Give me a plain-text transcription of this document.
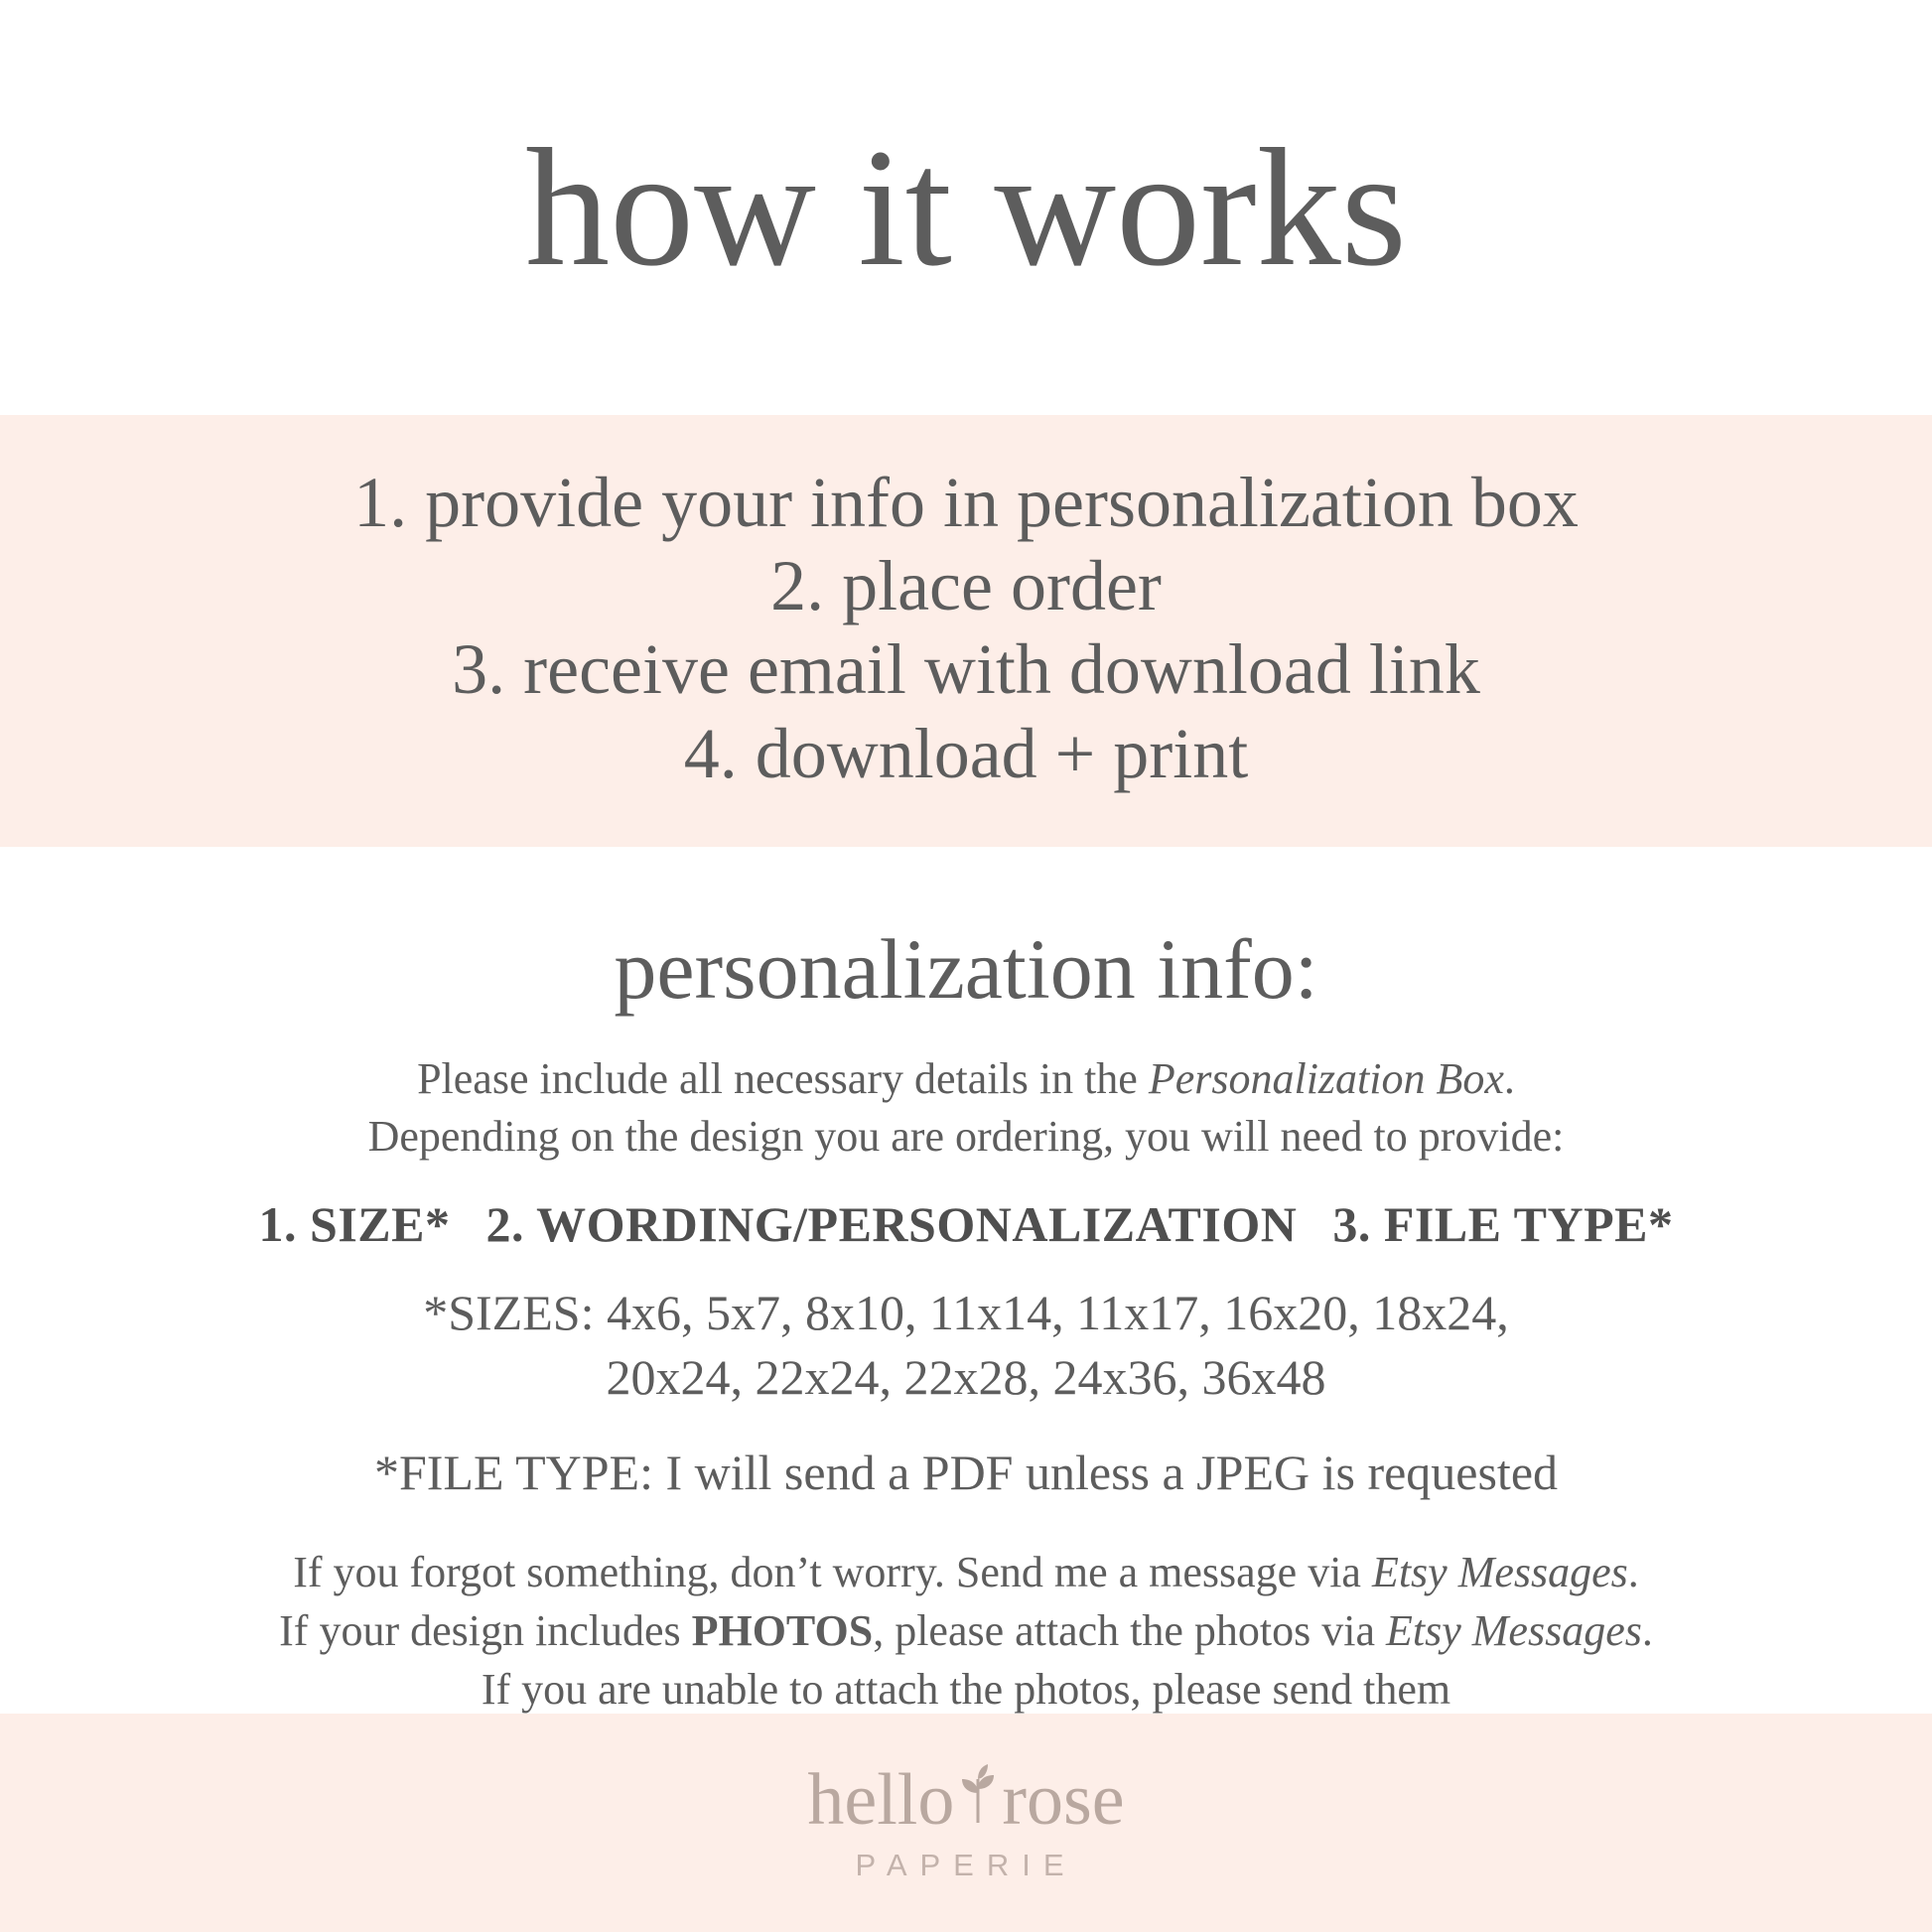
how it works
1. provide your info in personalization box
2. place order
3. receive email with download link
4. download + print
personalization info:
Please include all necessary details in the Personalization Box.
Depending on the design you are ordering, you will need to provide:
1. SIZE* 2. WORDING/PERSONALIZATION 3. FILE TYPE*
*SIZES: 4x6, 5x7, 8x10, 11x14, 11x17, 16x20, 18x24,
20x24, 22x24, 22x28, 24x36, 36x48
*FILE TYPE: I will send a PDF unless a JPEG is requested
If you forgot something, don’t worry. Send me a message via Etsy Messages.
If your design includes PHOTOS, please attach the photos via Etsy Messages.
If you are unable to attach the photos, please send them
hello rose
PAPERIE
